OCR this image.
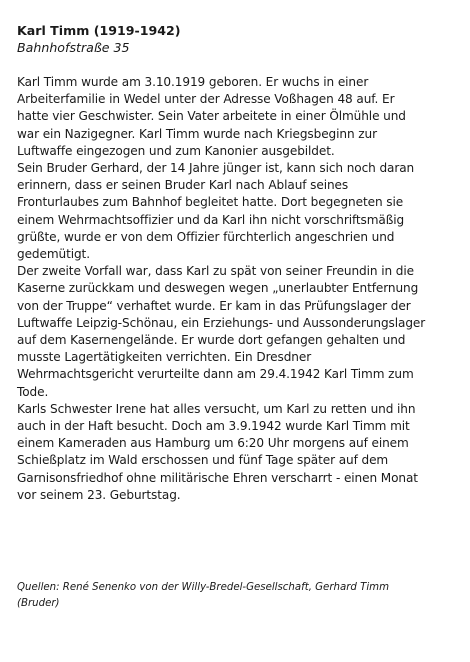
Karl Timm (1919-1942)

Bahnhofstraße 35

Karl Timm wurde am 3.10.1919 geboren. Er wuchs in einer
Arbeiterfamilie in Wedel unter der Adresse Voßhagen 48 auf. Er
hatte vier Geschwister. Sein Vater arbeitete in einer Ölmühle und
war ein Nazigegner. Karl Timm wurde nach Kriegsbeginn zur
Luftwaffe eingezogen und zum Kanonier ausgebildet.

Sein Bruder Gerhard, der 14 Jahre jünger ist, kann sich noch daran
erinnern, dass er seinen Bruder Karl nach Ablauf seines
Fronturlaubes zum Bahnhof begleitet hatte. Dort begegneten sie
einem Wehrmachtsoffizier und da Karl ihn nicht vorschriftsmäßig
grüßte, wurde er von dem Offizier fürchterlich angeschrien und
gedemütigt.

Der zweite Vorfall war, dass Karl zu spät von seiner Freundin in die
Kaserne zurückkam und deswegen wegen „unerlaubter Entfernung
von der Truppe“ verhaftet wurde. Er kam in das Prüfungslager der
Luftwaffe Leipzig-Schönau, ein Erziehungs- und Aussonderungslager
auf dem Kasernengelände. Er wurde dort gefangen gehalten und
musste Lagertätigkeiten verrichten. Ein Dresdner
Wehrmachtsgericht verurteilte dann am 29.4.1942 Karl Timm zum
Tode.

Karls Schwester Irene hat alles versucht, um Karl zu retten und ihn
auch in der Haft besucht. Doch am 3.9.1942 wurde Karl Timm mit
einem Kameraden aus Hamburg um 6:20 Uhr morgens auf einem
Schießplatz im Wald erschossen und fünf Tage später auf dem
Garnisonsfriedhof ohne militärische Ehren verscharrt - einen Monat
vor seinem 23. Geburtstag.

Quellen: René Senenko von der Willy-Bredel-Gesellschaft, Gerhard Timm
(Bruder)
